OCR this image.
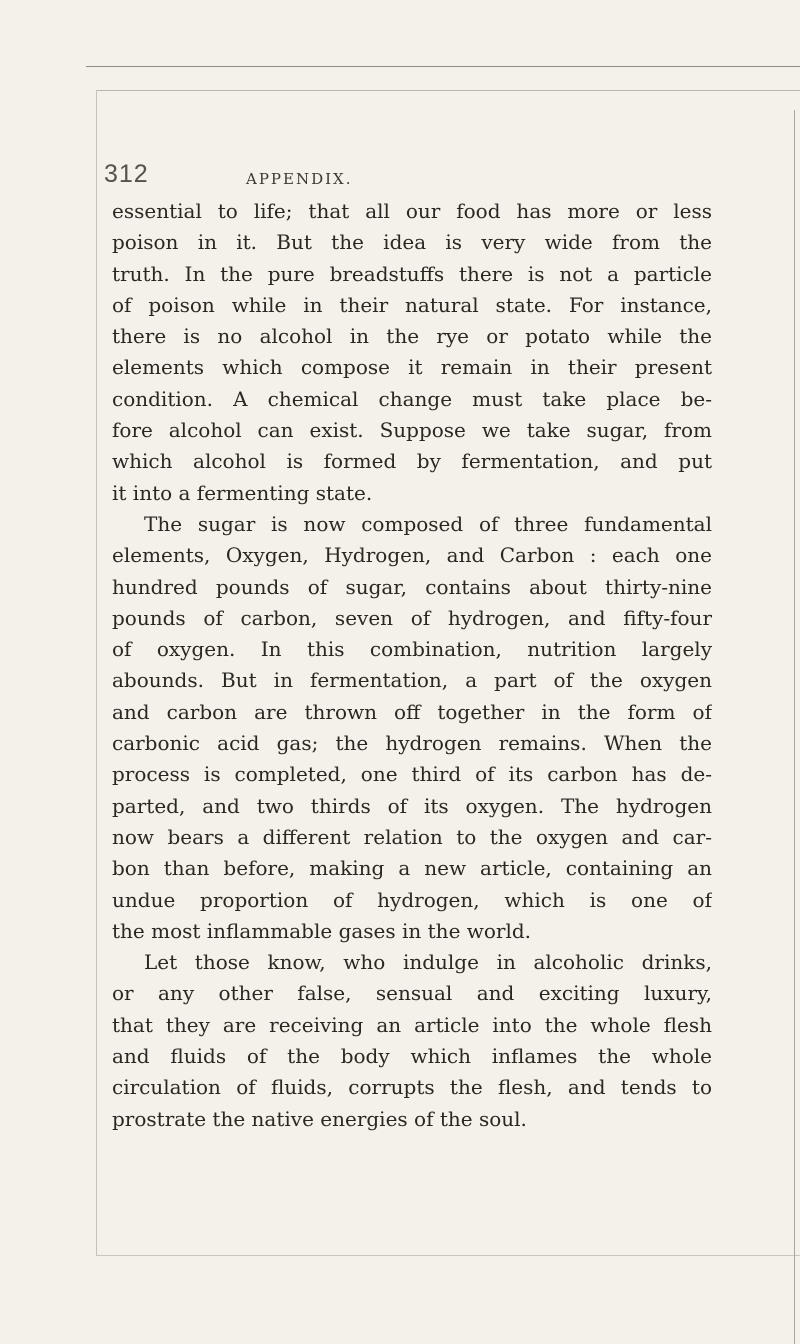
312	APPENDIX.
essential to life; that all our food has more or less
poison in it. But the idea is very wide from the
truth. In the pure breadstuffs there is not a particle
of poison while in their natural state. For instance,
there is no alcohol in the rye or potato while the
elements which compose it remain in their present
condition. A chemical change must take place be-
fore alcohol can exist. Suppose we take sugar, from
which alcohol is formed by fermentation, and put
it into a fermenting state.
The sugar is now composed of three fundamental
elements, Oxygen, Hydrogen, and Carbon : each one
hundred pounds of sugar, contains about thirty-nine
pounds of carbon, seven of hydrogen, and fifty-four
of oxygen. In this combination, nutrition largely
abounds. But in fermentation, a part of the oxygen
and carbon are thrown off together in the form of
carbonic acid gas; the hydrogen remains. When the
process is completed, one third of its carbon has de-
parted, and two thirds of its oxygen. The hydrogen
now bears a different relation to the oxygen and car-
bon than before, making a new article, containing an
undue proportion of hydrogen, which is one of
the most inflammable gases in the world.
Let those know, who indulge in alcoholic drinks,
or any other false, sensual and exciting luxury,
that they are receiving an article into the whole flesh
and fluids of the body which inflames the whole
circulation of fluids, corrupts the flesh, and tends to
prostrate the native energies of the soul.
